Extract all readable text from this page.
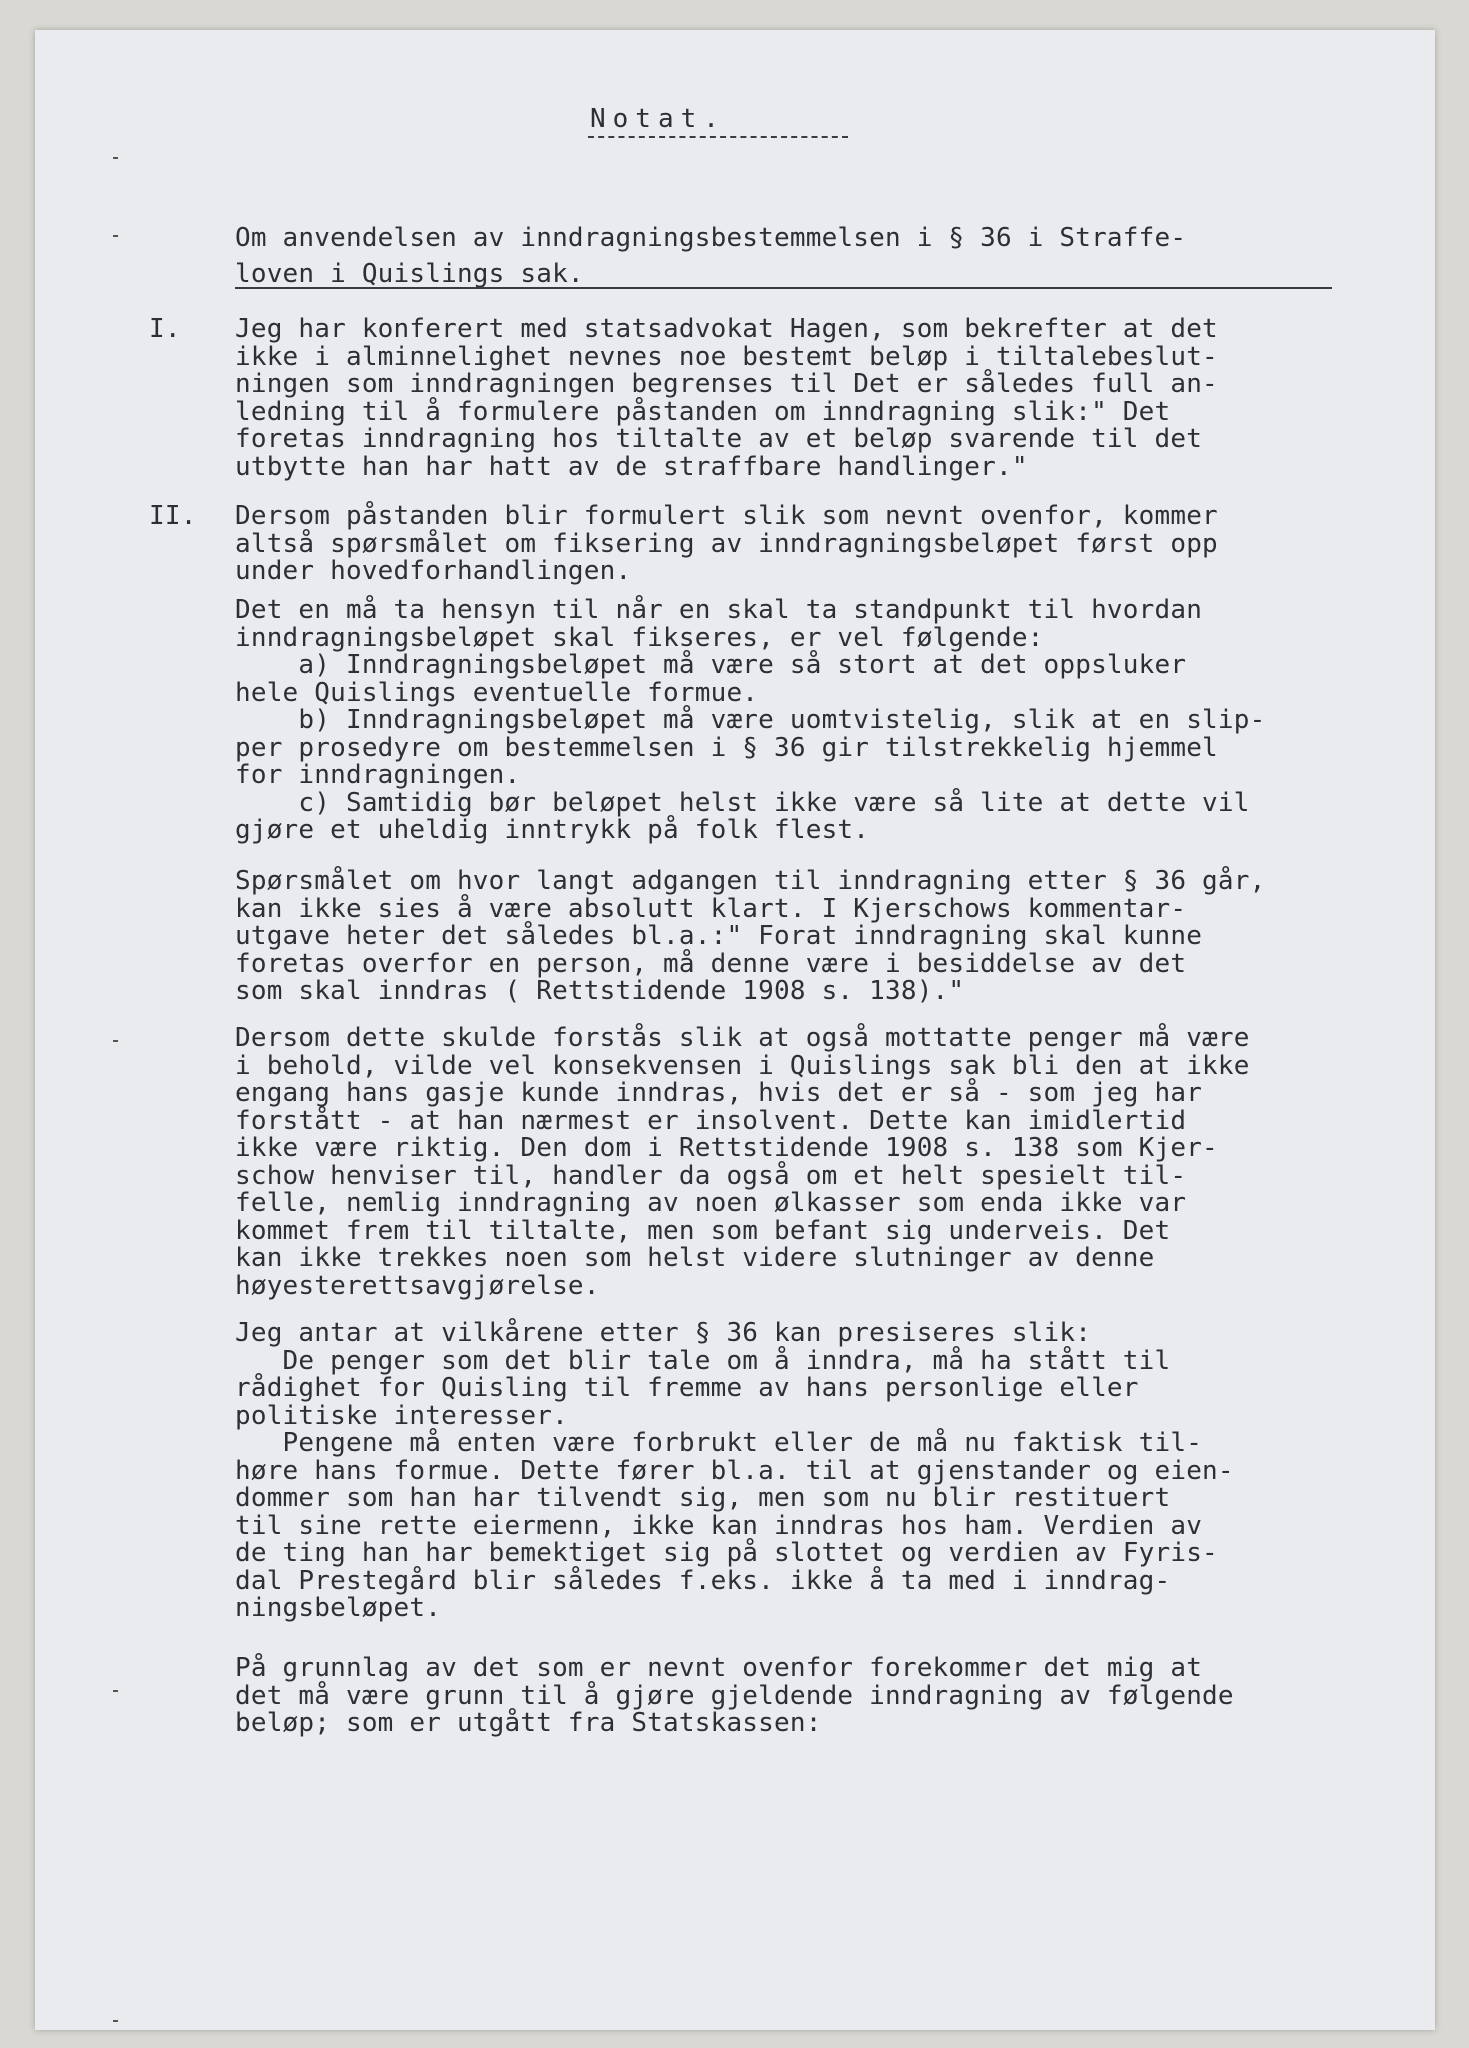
Notat.
Om anvendelsen av inndragningsbestemmelsen i § 36 i Straffe-
loven i Quislings sak.
I. Jeg har konferert med statsadvokat Hagen, som bekrefter at det
ikke i alminnelighet nevnes noe bestemt beløp i tiltalebeslut-
ningen som inndragningen begrenses til Det er således full an-
ledning til å formulere påstanden om inndragning slik:" Det
foretas inndragning hos tiltalte av et beløp svarende til det
utbytte han har hatt av de straffbare handlinger."
II. Dersom påstanden blir formulert slik som nevnt ovenfor, kommer
altså spørsmålet om fiksering av inndragningsbeløpet først opp
under hovedforhandlingen.
Det en må ta hensyn til når en skal ta standpunkt til hvordan
inndragningsbeløpet skal fikseres, er vel følgende:
a) Inndragningsbeløpet må være så stort at det oppsluker
hele Quislings eventuelle formue.
b) Inndragningsbeløpet må være uomtvistelig, slik at en slip-
per prosedyre om bestemmelsen i § 36 gir tilstrekkelig hjemmel
for inndragningen.
c) Samtidig bør beløpet helst ikke være så lite at dette vil
gjøre et uheldig inntrykk på folk flest.
Spørsmålet om hvor langt adgangen til inndragning etter § 36 går,
kan ikke sies å være absolutt klart. I Kjerschows kommentar-
utgave heter det således bl.a.:" Forat inndragning skal kunne
foretas overfor en person, må denne være i besiddelse av det
som skal inndras ( Rettstidende 1908 s. 138)."
Dersom dette skulde forstås slik at også mottatte penger må være
i behold, vilde vel konsekvensen i Quislings sak bli den at ikke
engang hans gasje kunde inndras, hvis det er så - som jeg har
forstått - at han nærmest er insolvent. Dette kan imidlertid
ikke være riktig. Den dom i Rettstidende 1908 s. 138 som Kjer-
schow henviser til, handler da også om et helt spesielt til-
felle, nemlig inndragning av noen ølkasser som enda ikke var
kommet frem til tiltalte, men som befant sig underveis. Det
kan ikke trekkes noen som helst videre slutninger av denne
høyesterettsavgjørelse.
Jeg antar at vilkårene etter § 36 kan presiseres slik:
De penger som det blir tale om å inndra, må ha stått til
rådighet for Quisling til fremme av hans personlige eller
politiske interesser.
Pengene må enten være forbrukt eller de må nu faktisk til-
høre hans formue. Dette fører bl.a. til at gjenstander og eien-
dommer som han har tilvendt sig, men som nu blir restituert
til sine rette eiermenn, ikke kan inndras hos ham. Verdien av
de ting han har bemektiget sig på slottet og verdien av Fyris-
dal Prestegård blir således f.eks. ikke å ta med i inndrag-
ningsbeløpet.
På grunnlag av det som er nevnt ovenfor forekommer det mig at
det må være grunn til å gjøre gjeldende inndragning av følgende
beløp; som er utgått fra Statskassen:
